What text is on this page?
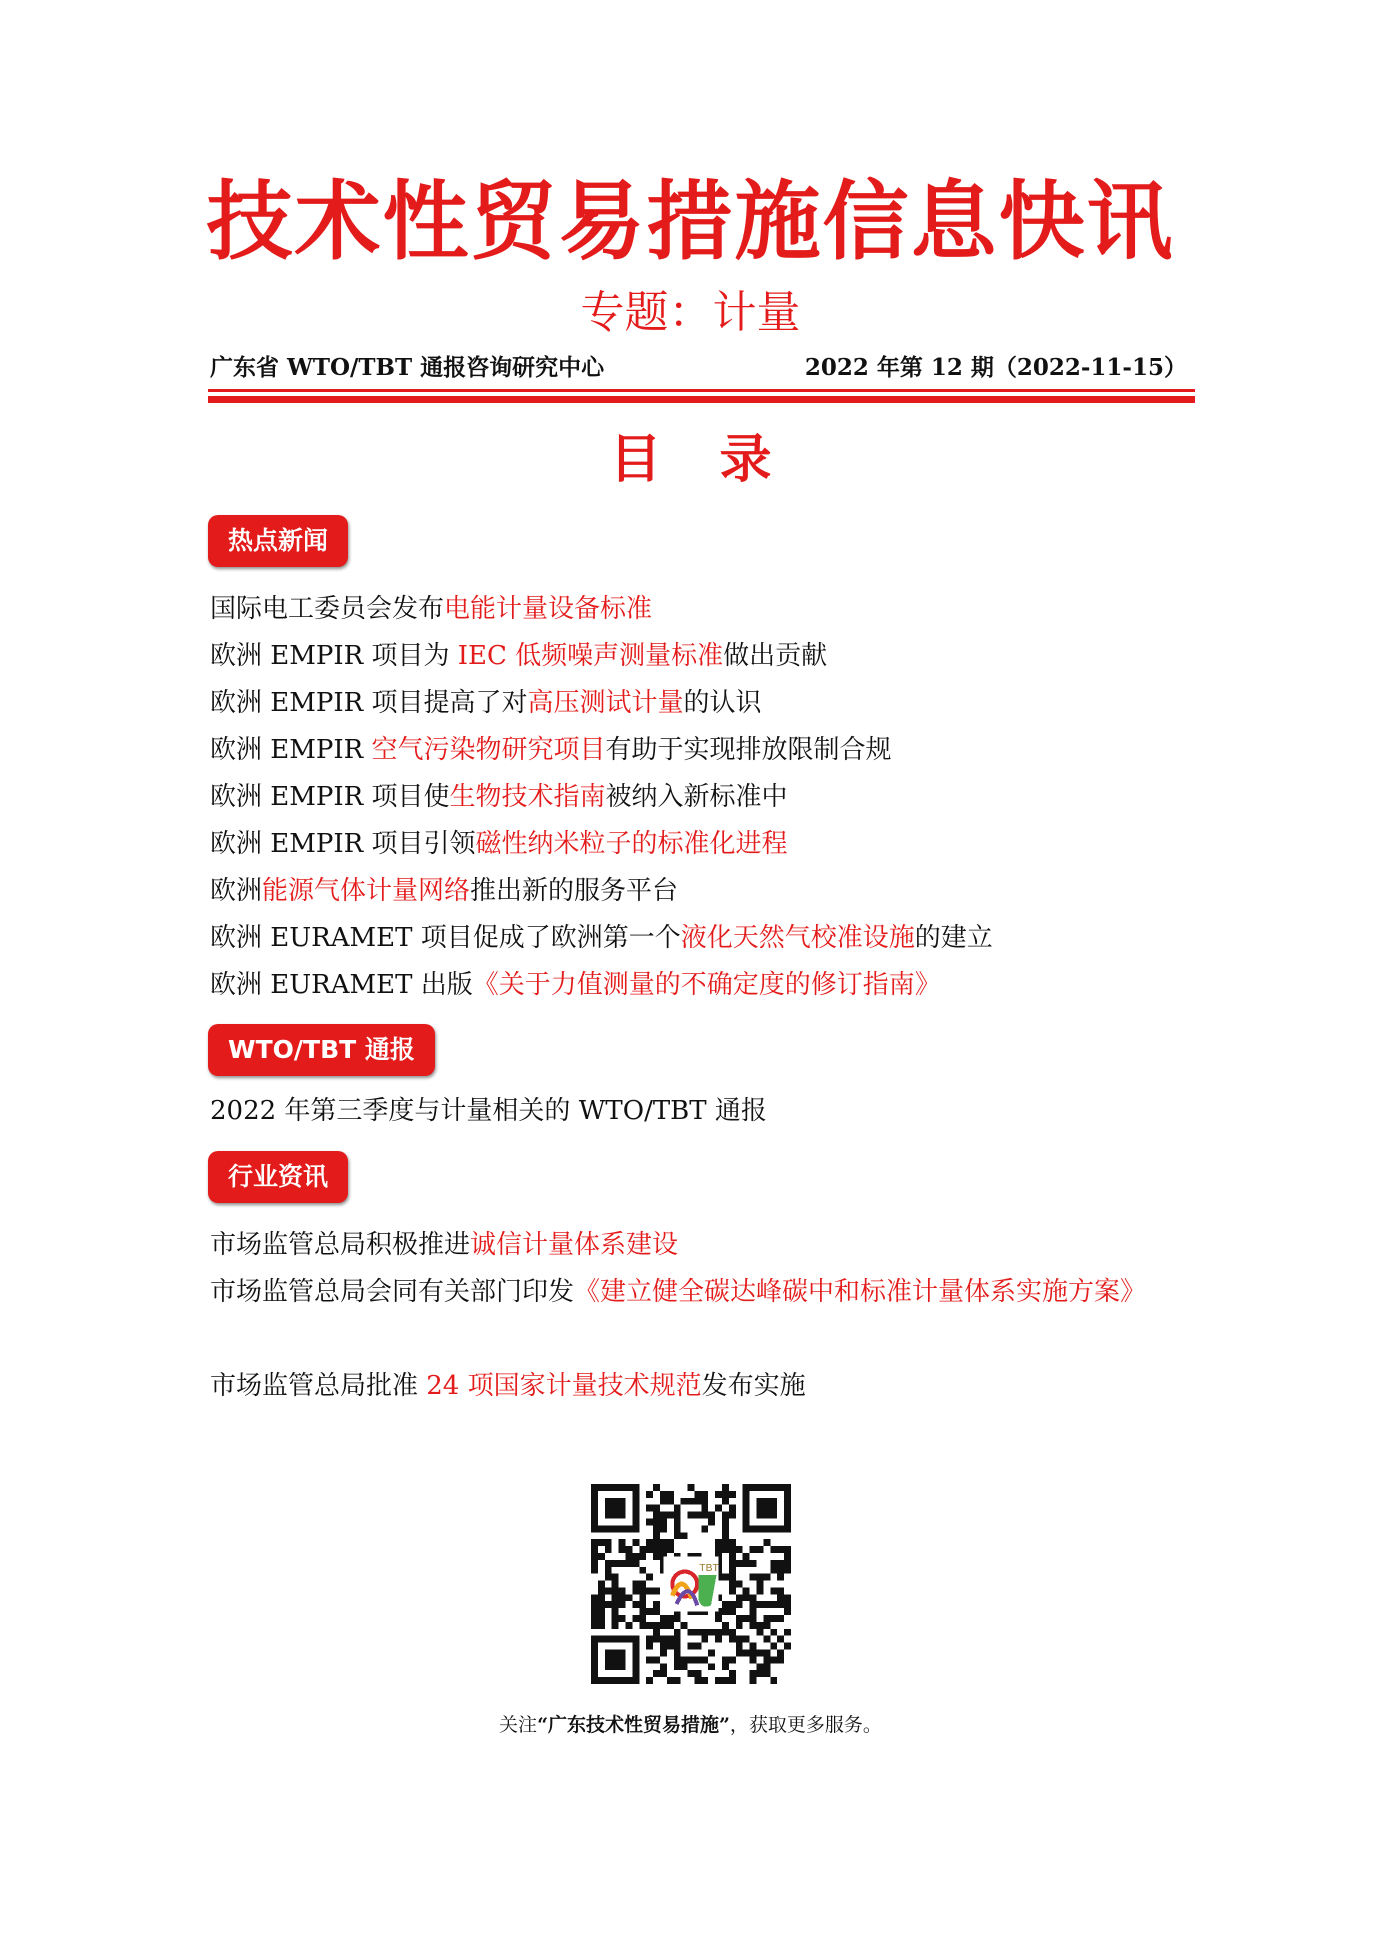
技术性贸易措施信息快讯
专题：计量
广东省 WTO/TBT 通报咨询研究中心	2022 年第 12 期（2022-11-15）
目录
热点新闻
国际电工委员会发布电能计量设备标准
欧洲 EMPIR 项目为 IEC 低频噪声测量标准做出贡献
欧洲 EMPIR 项目提高了对高压测试计量的认识
欧洲 EMPIR 空气污染物研究项目有助于实现排放限制合规
欧洲 EMPIR 项目使生物技术指南被纳入新标准中
欧洲 EMPIR 项目引领磁性纳米粒子的标准化进程
欧洲能源气体计量网络推出新的服务平台
欧洲 EURAMET 项目促成了欧洲第一个液化天然气校准设施的建立
欧洲 EURAMET 出版《关于力值测量的不确定度的修订指南》
WTO/TBT 通报
2022 年第三季度与计量相关的 WTO/TBT 通报
行业资讯
市场监管总局积极推进诚信计量体系建设
市场监管总局会同有关部门印发《建立健全碳达峰碳中和标准计量体系实施方案》
市场监管总局批准 24 项国家计量技术规范发布实施
TBT
关注“广东技术性贸易措施”，获取更多服务。
